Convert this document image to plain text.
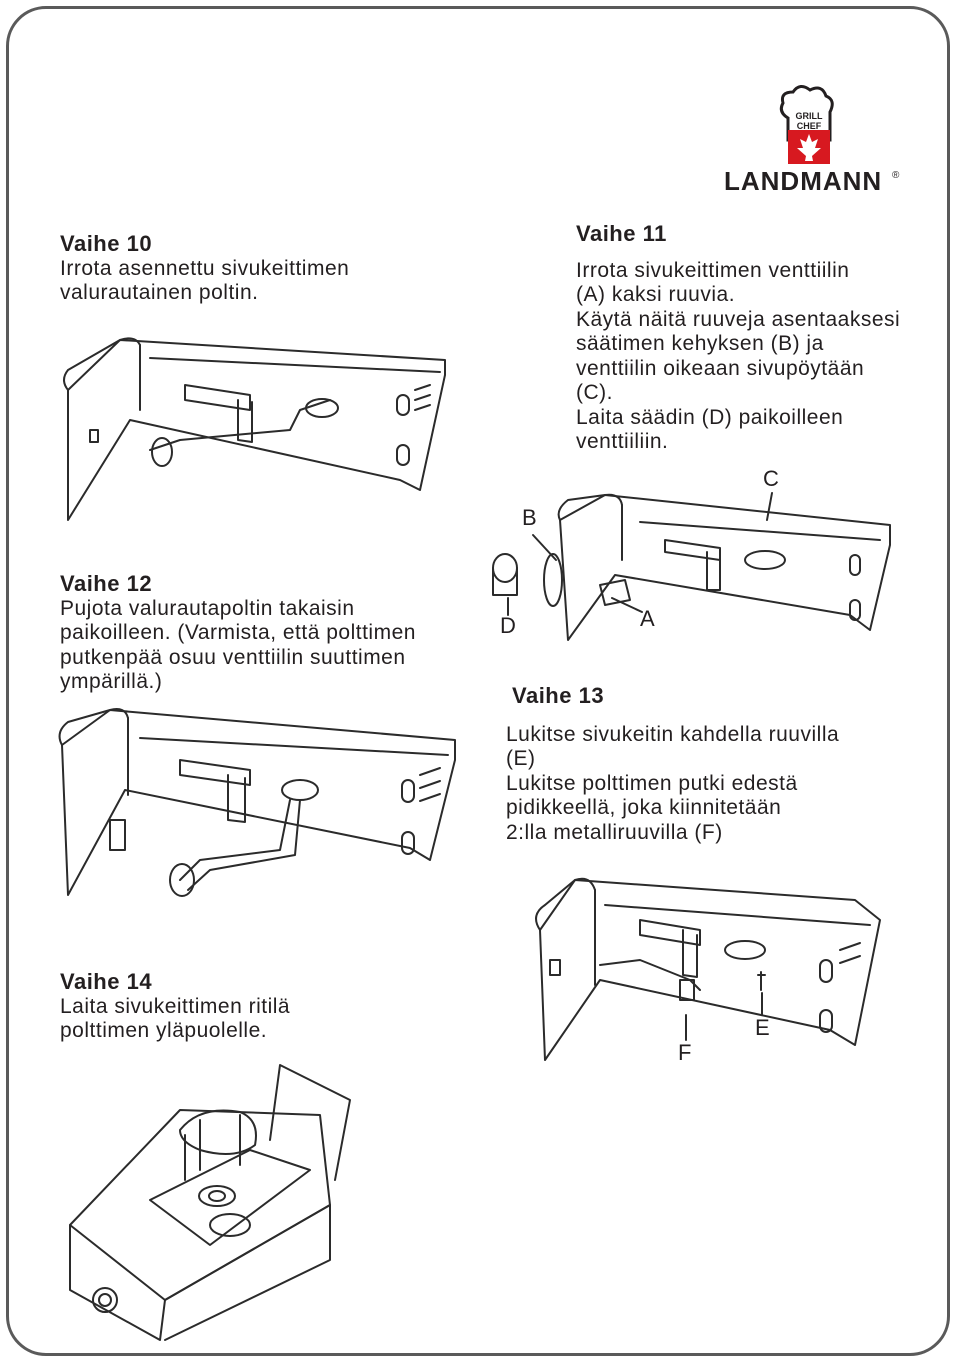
GRILL
CHEF
®
LANDMANN

Vaihe 10

Irrota asennettu sivukeittimen

valurautainen poltin.

Vaihe 11

Irrota sivukeittimen venttiilin

(A) kaksi ruuvia.

Käytä näitä ruuveja asentaaksesi

säätimen kehyksen (B) ja

venttiilin oikeaan sivupöytään

(C).

Laita säädin (D) paikoilleen

venttiiliin.

Vaihe 12

Pujota valurautapoltin takaisin

paikoilleen. (Varmista, että polttimen

putkenpää osuu venttiilin suuttimen

ympärillä.)

Vaihe 13

Lukitse sivukeitin kahdella ruuvilla

(E)

Lukitse polttimen putki edestä

pidikkeellä, joka kiinnitetään

2:lla metalliruuvilla (F)

Vaihe 14

Laita sivukeittimen ritilä

polttimen yläpuolelle.

B
C
D	A
F
E
